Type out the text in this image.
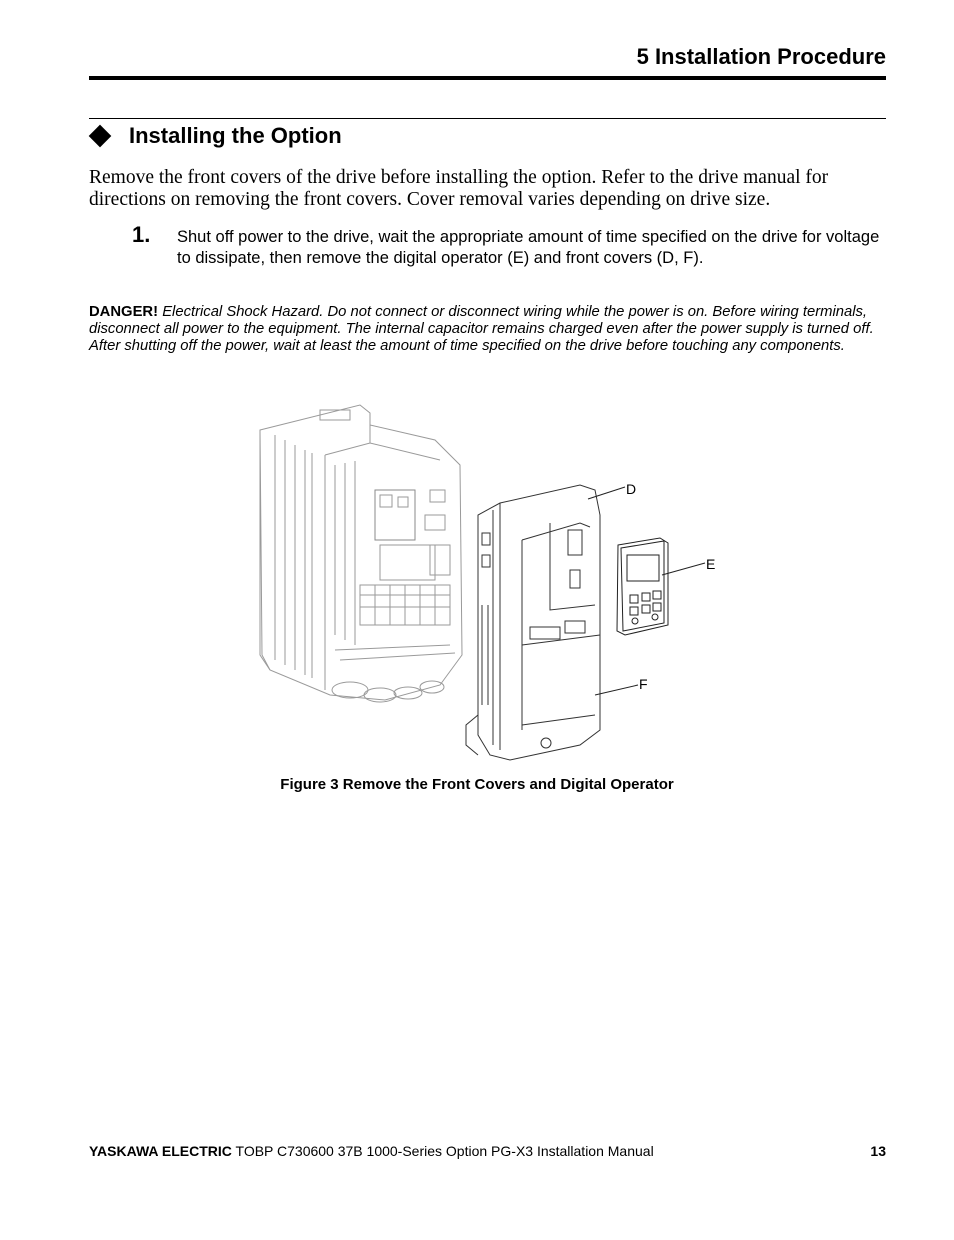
5 Installation Procedure
Installing the Option
Remove the front covers of the drive before installing the option. Refer to the drive manual for directions on removing the front covers. Cover removal varies depending on drive size.
1. Shut off power to the drive, wait the appropriate amount of time specified on the drive for voltage to dissipate, then remove the digital operator (E) and front covers (D, F).
DANGER! Electrical Shock Hazard. Do not connect or disconnect wiring while the power is on. Before wiring terminals, disconnect all power to the equipment. The internal capacitor remains charged even after the power supply is turned off. After shutting off the power, wait at least the amount of time specified on the drive before touching any components.
D
E
F
Figure 3 Remove the Front Covers and Digital Operator
YASKAWA ELECTRIC TOBP C730600 37B 1000-Series Option PG-X3 Installation Manual	13
